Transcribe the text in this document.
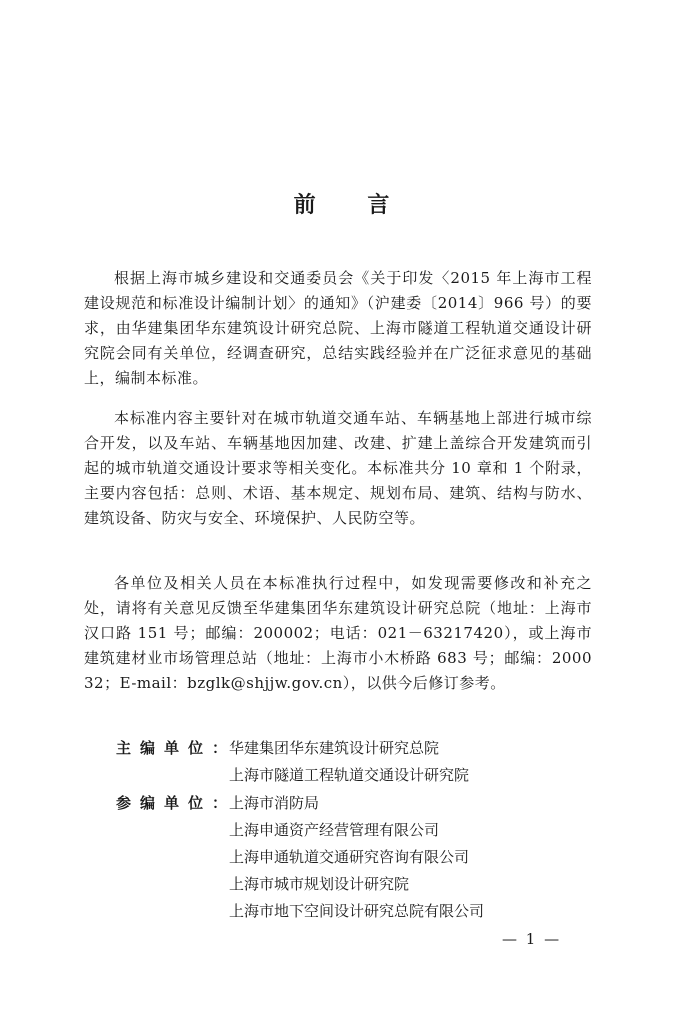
前 言

根据上海市城乡建设和交通委员会《关于印发〈2015 年上海市工程建设规范和标准设计编制计划〉的通知》（沪建委〔2014〕966 号）的要求，由华建集团华东建筑设计研究总院、上海市隧道工程轨道交通设计研究院会同有关单位，经调查研究，总结实践经验并在广泛征求意见的基础上，编制本标准。

本标准内容主要针对在城市轨道交通车站、车辆基地上部进行城市综合开发，以及车站、车辆基地因加建、改建、扩建上盖综合开发建筑而引起的城市轨道交通设计要求等相关变化。本标准共分 10 章和 1 个附录，主要内容包括：总则、术语、基本规定、规划布局、建筑、结构与防水、建筑设备、防灾与安全、环境保护、人民防空等。

各单位及相关人员在本标准执行过程中，如发现需要修改和补充之处，请将有关意见反馈至华建集团华东建筑设计研究总院（地址：上海市汉口路 151 号；邮编：200002；电话：021－63217420），或上海市建筑建材业市场管理总站（地址：上海市小木桥路 683 号；邮编：200032；E-mail：bzglk@shjjw.gov.cn），以供今后修订参考。

主 编 单 位 ： 华建集团华东建筑设计研究总院
上海市隧道工程轨道交通设计研究院
参 编 单 位 ： 上海市消防局
上海申通资产经营管理有限公司
上海申通轨道交通研究咨询有限公司
上海市城市规划设计研究院
上海市地下空间设计研究总院有限公司
— 1 —
